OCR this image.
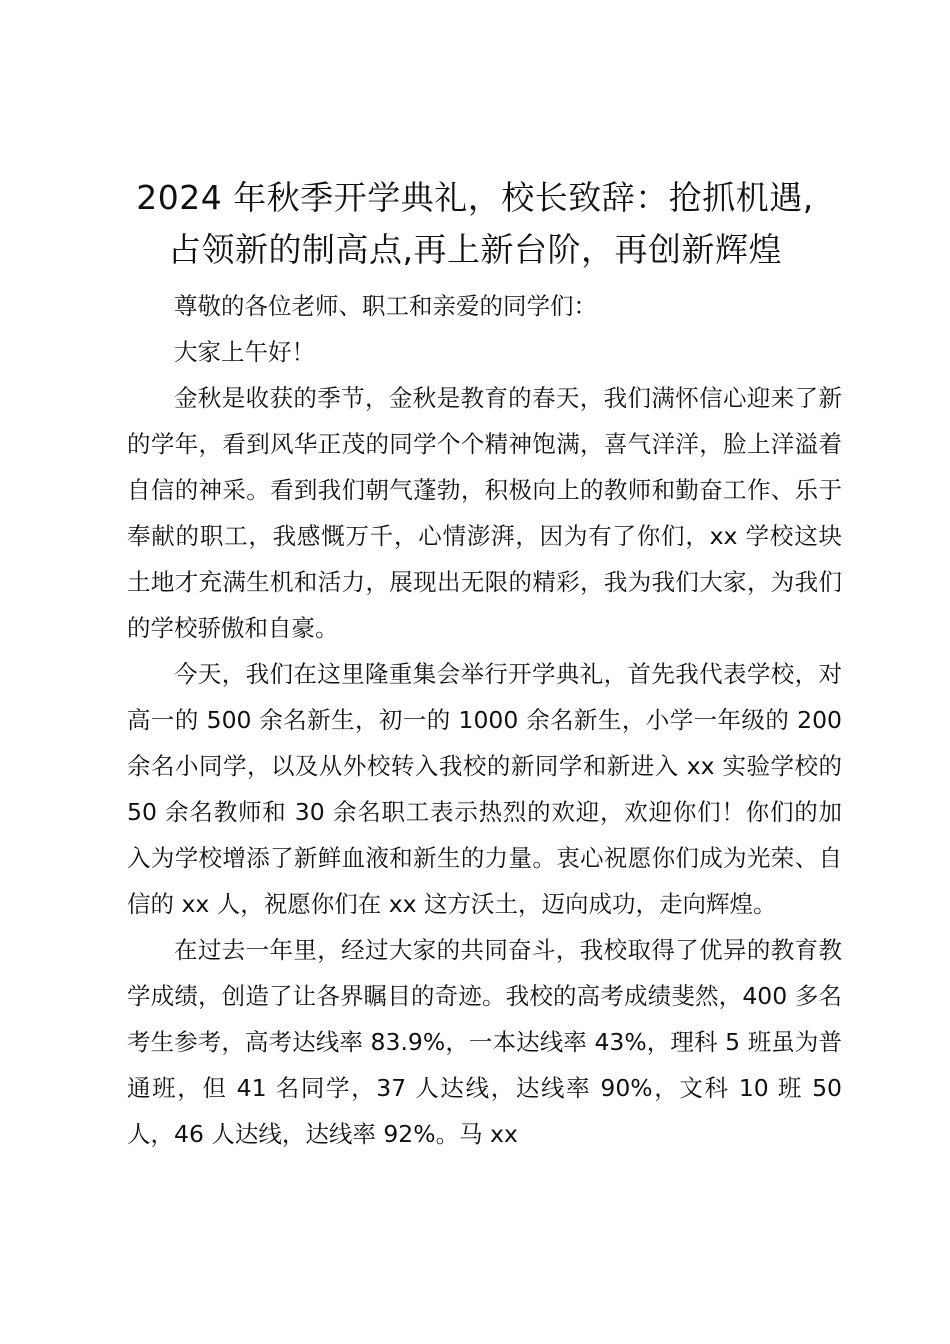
2024 年秋季开学典礼，校长致辞：抢抓机遇,
占领新的制高点,再上新台阶，再创新辉煌

尊敬的各位老师、职工和亲爱的同学们：

大家上午好！

金秋是收获的季节，金秋是教育的春天，我们满怀信心迎来了新的学年，看到风华正茂的同学个个精神饱满，喜气洋洋，脸上洋溢着自信的神采。看到我们朝气蓬勃，积极向上的教师和勤奋工作、乐于奉献的职工，我感慨万千，心情澎湃，因为有了你们，xx 学校这块土地才充满生机和活力，展现出无限的精彩，我为我们大家，为我们的学校骄傲和自豪。

今天，我们在这里隆重集会举行开学典礼，首先我代表学校，对高一的 500 余名新生，初一的 1000 余名新生，小学一年级的 200 余名小同学，以及从外校转入我校的新同学和新进入 xx 实验学校的 50 余名教师和 30 余名职工表示热烈的欢迎，欢迎你们！你们的加入为学校增添了新鲜血液和新生的力量。衷心祝愿你们成为光荣、自信的 xx 人，祝愿你们在 xx 这方沃土，迈向成功，走向辉煌。

在过去一年里，经过大家的共同奋斗，我校取得了优异的教育教学成绩，创造了让各界瞩目的奇迹。我校的高考成绩斐然，400 多名考生参考，高考达线率 83.9%，一本达线率 43%，理科 5 班虽为普通班，但 41 名同学，37 人达线，达线率 90%，文科 10 班 50 人，46 人达线，达线率 92%。马 xx
